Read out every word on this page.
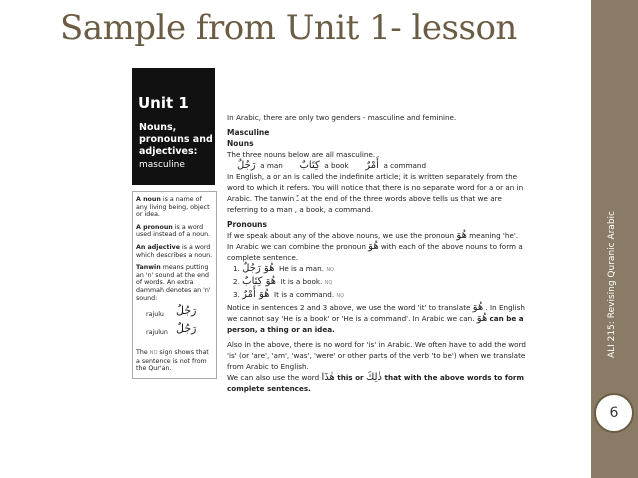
Sample from Unit 1- lesson
ALI 215: Revising Quranic Arabic
6
Unit 1
Nouns, pronouns and adjectives:
masculine

A noun is a name of any living being, object or idea.

A pronoun is a word used instead of a noun.

An adjective is a word which describes a noun.

Tanwin means putting an 'n' sound at the end of words. An extra dammah denotes an 'n' sound:

rajulu رَجُلُ
rajulun رَجُلٌ

The NQ sign shows that a sentence is not from the Qur'an.

In Arabic, there are only two genders - masculine and feminine.
Masculine
Nouns
The three nouns below are all masculine.
رَجُلٌ a man   كِتَابٌ a book   أَمْرٌ a command
In English, a or an is called the indefinite article; it is written separately from the word to which it refers. You will notice that there is no separate word for a or an in Arabic. The tanwin ـٌ at the end of the three words above tells us that we are referring to a man , a book, a command.
Pronouns
If we speak about any of the above nouns, we use the pronoun هُوَ meaning 'he'.
In Arabic we can combine the pronoun هُوَ with each of the above nouns to form a complete sentence.
1. هُوَ رَجُلٌ He is a man. NQ
2. هُوَ كِتَابٌ It is a book. NQ
3. هُوَ أَمْرٌ It is a command. NQ
Notice in sentences 2 and 3 above, we use the word 'it' to translate هُوَ . In English we cannot say 'He is a book' or 'He is a command'. In Arabic we can. هُوَ can be a person, a thing or an idea.
Also in the above, there is no word for 'is' in Arabic. We often have to add the word 'is' (or 'are', 'am', 'was', 'were' or other parts of the verb 'to be') when we translate from Arabic to English.
We can also use the word هٰذَا this or ذٰلِكَ that with the above words to form complete sentences.
